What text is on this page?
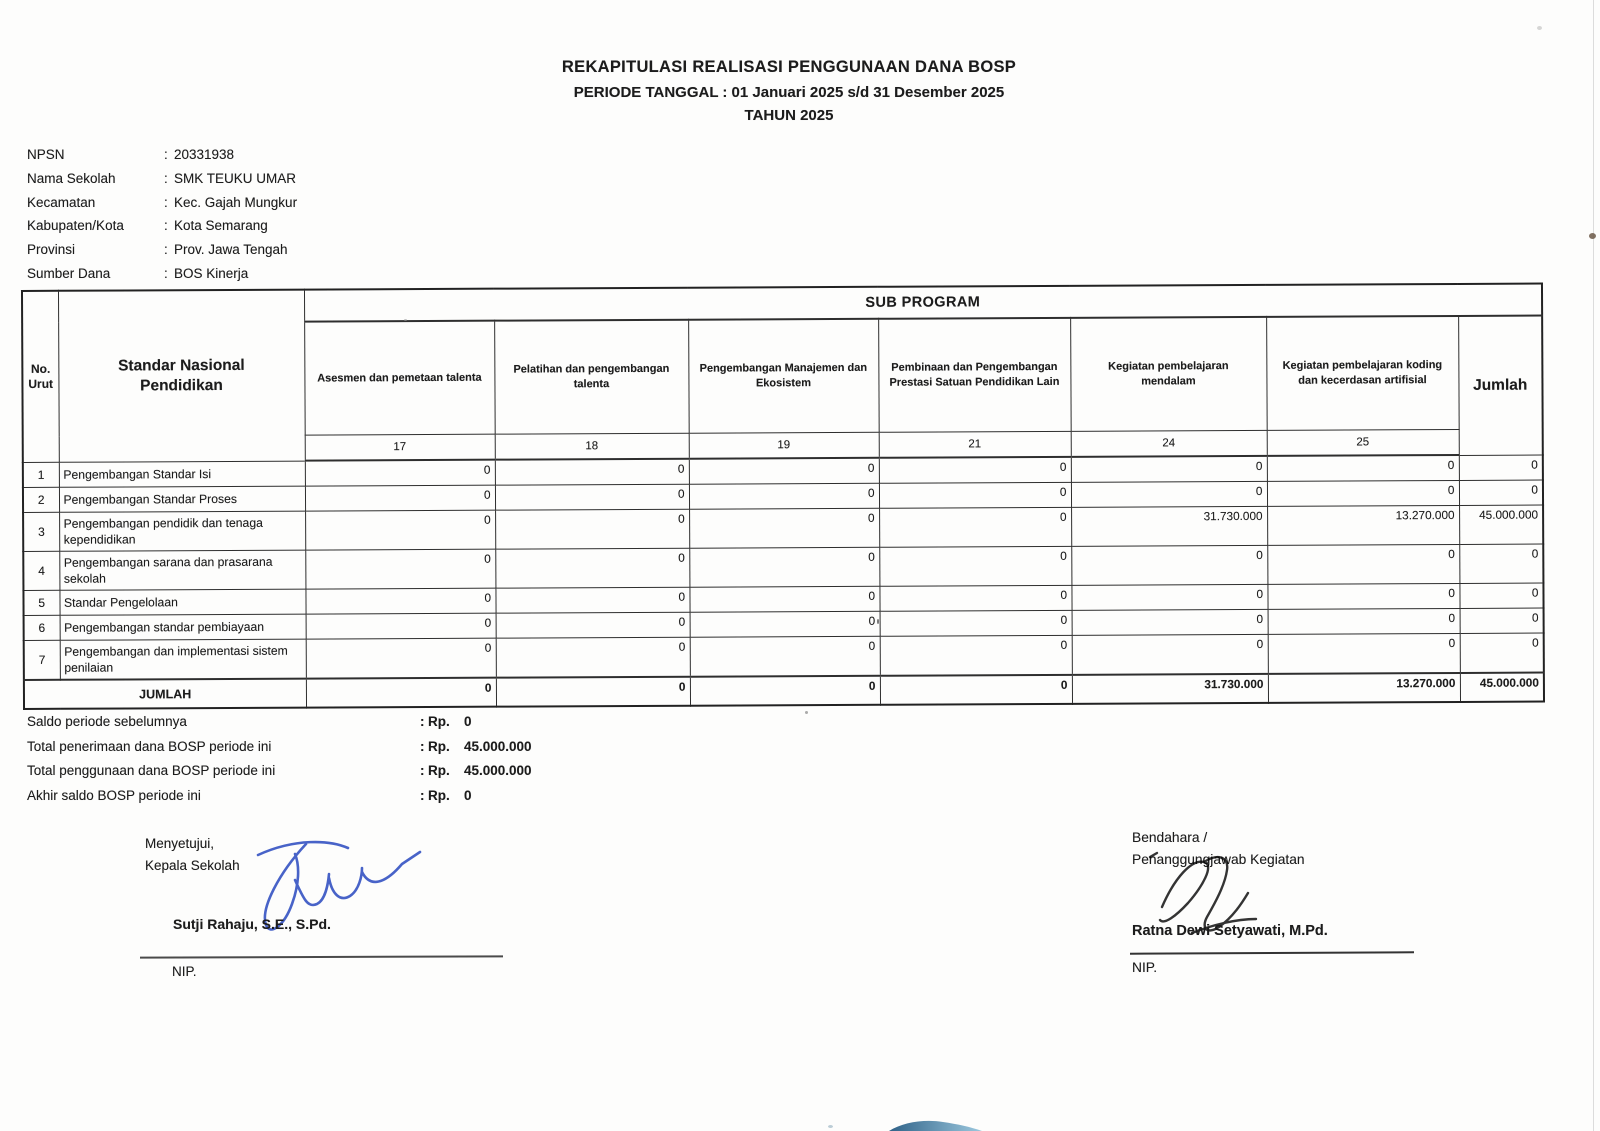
REKAPITULASI REALISASI PENGGUNAAN DANA BOSP
PERIODE TANGGAL : 01 Januari 2025 s/d 31 Desember 2025
TAHUN 2025
NPSN	: 20331938
Nama Sekolah	: SMK TEUKU UMAR
Kecamatan	: Kec. Gajah Mungkur
Kabupaten/Kota	: Kota Semarang
Provinsi	: Prov. Jawa Tengah
Sumber Dana	: BOS Kinerja
No. Urut	Standar Nasional Pendidikan	SUB PROGRAM						
		Asesmen dan pemetaan talenta	Pelatihan dan pengembangan talenta	Pengembangan Manajemen dan Ekosistem	Pembinaan dan Pengembangan Prestasi Satuan Pendidikan Lain	Kegiatan pembelajaran mendalam	Kegiatan pembelajaran koding dan kecerdasan artifisial	Jumlah
		17	18	19	21	24	25	
1	Pengembangan Standar Isi	0	0	0	0	0	0	0
2	Pengembangan Standar Proses	0	0	0	0	0	0	0
3	Pengembangan pendidik dan tenaga kependidikan	0	0	0	0	31.730.000	13.270.000	45.000.000
4	Pengembangan sarana dan prasarana sekolah	0	0	0	0	0	0	0
5	Standar Pengelolaan	0	0	0	0	0	0	0
6	Pengembangan standar pembiayaan	0	0	0	0	0	0	0
7	Pengembangan dan implementasi sistem penilaian	0	0	0	0	0	0	0
JUMLAH		0	0	0	0	31.730.000	13.270.000	45.000.000
Saldo periode sebelumnya	: Rp.	0
Total penerimaan dana BOSP periode ini	: Rp.	45.000.000
Total penggunaan dana BOSP periode ini	: Rp.	45.000.000
Akhir saldo BOSP periode ini	: Rp.	0
Menyetujui,
Kepala Sekolah
Sutji Rahaju, S.E., S.Pd.
NIP.
Bendahara /
Penanggungjawab Kegiatan
Ratna Dewi Setyawati, M.Pd.
NIP.
